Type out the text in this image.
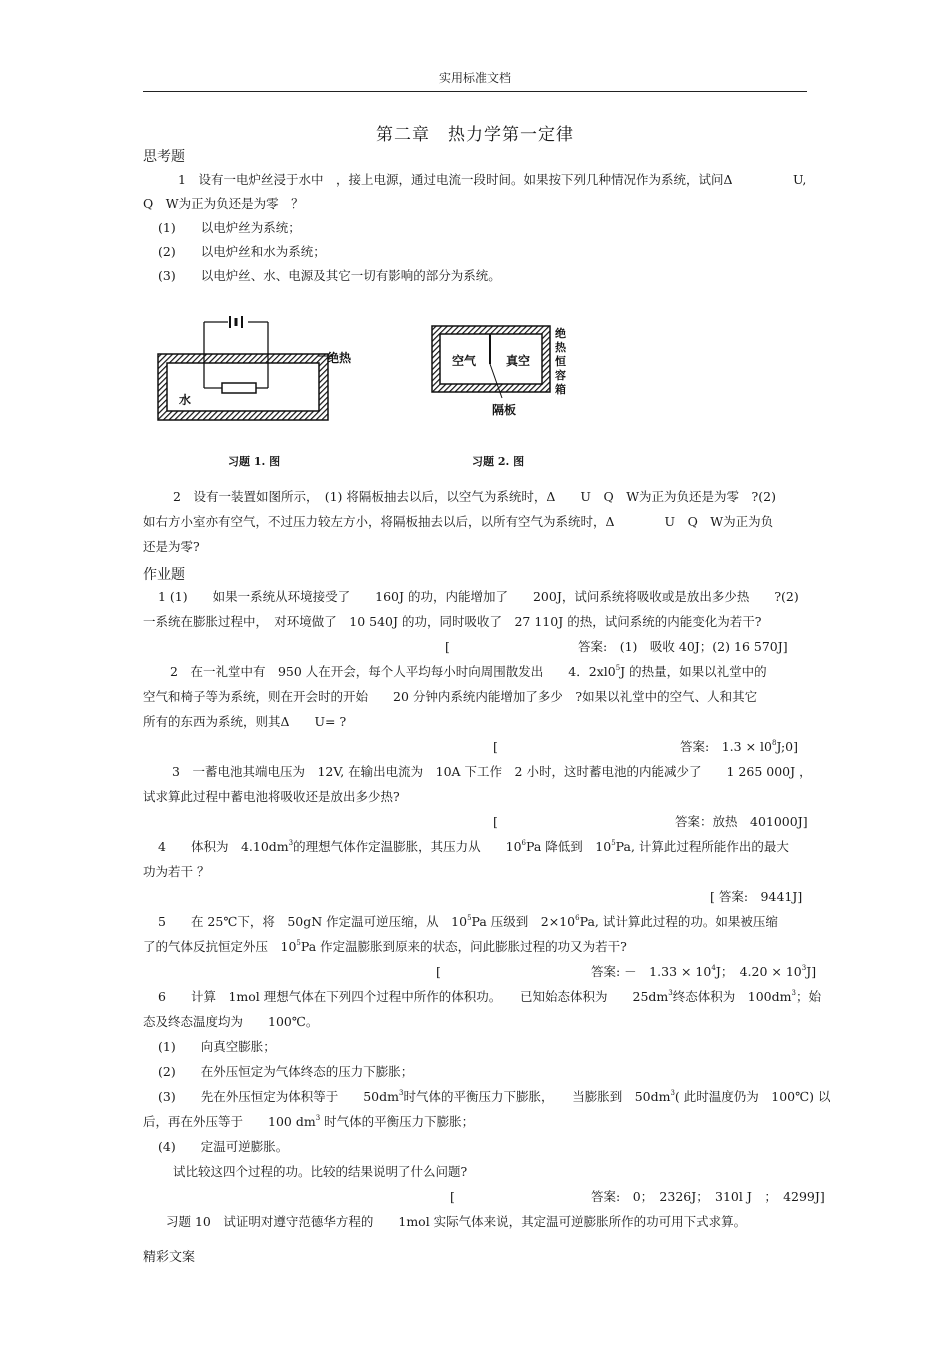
实用标准文档
第二章　热力学第一定律
思考题
1　设有一电炉丝浸于水中　，接上电源，通过电流一段时间。如果按下列几种情况作为系统，试问Δ	U,
Q　W为正为负还是为零　？
(1)　　以电炉丝为系统；
(2)　　以电炉丝和水为系统；
(3)　　以电炉丝、水、电源及其它一切有影响的部分为系统。
绝热
水
习题 1. 图
空气 真空
隔板
绝
热
恒
容
箱
习题 2. 图
2　设有一装置如图所示，　(1) 将隔板抽去以后，以空气为系统时，Δ　　U　Q　W为正为负还是为零　?(2)
如右方小室亦有空气，不过压力较左方小，将隔板抽去以后，以所有空气为系统时，Δ　　　　U　Q　W为正为负
还是为零?
作业题
1 (1)　　如果一系统从环境接受了　　160J 的功，内能增加了　　200J，试问系统将吸收或是放出多少热　　?(2)
一系统在膨胀过程中，　对环境做了　10 540J 的功，同时吸收了　27 110J 的热，试问系统的内能变化为若干?
[	答案:　(1)　吸收 40J；(2) 16 570J]
2　在一礼堂中有　950 人在开会，每个人平均每小时向周围散发出　　4．$2xl0^5J$ 的热量，如果以礼堂中的
空气和椅子等为系统，则在开会时的开始　　20 分钟内系统内能增加了多少　?如果以礼堂中的空气、人和其它
所有的东西为系统，则其Δ　　U= ?
[	答案:　$1.3 \times l0^8J;0$]
3　一蓄电池其端电压为　12V, 在输出电流为　10A 下工作　2 小时，这时蓄电池的内能减少了　　1 265 000J ，
试求算此过程中蓄电池将吸收还是放出多少热?
[	答案：放热　401000J]
4　　体积为　$4.10dm^3$的理想气体作定温膨胀，其压力从　　$10^6Pa$ 降低到　$10^5Pa$, 计算此过程所能作出的最大
功为若干 ？
[ 答案:　9441J]
5　　在 25℃下，将　50gN 作定温可逆压缩，从　$10^5Pa$ 压级到　$2\times 10^6Pa$, 试计算此过程的功。如果被压缩
了的气体反抗恒定外压　$10^5Pa$ 作定温膨胀到原来的状态，问此膨胀过程的功又为若干?
[	答案: －　$1.33 \times 10^4J$；　$4.20 \times 10^3J$]
6　　计算　1mol 理想气体在下列四个过程中所作的体积功。　　已知始态体积为　　$25dm^3$终态体积为　$100dm^3$；始
态及终态温度均为　　100℃。
(1)　　向真空膨胀；
(2)　　在外压恒定为气体终态的压力下膨胀；
(3)　　先在外压恒定为体积等于　　$50dm^3$时气体的平衡压力下膨胀，　　当膨胀到　$50dm^3$( 此时温度仍为　100℃) 以
后，再在外压等于　　100 $dm^3$ 时气体的平衡压力下膨胀；
(4)　　定温可逆膨胀。
试比较这四个过程的功。比较的结果说明了什么问题?
[	答案:　0；　2326J；　310l J　；　4299J]
习题 10　试证明对遵守范德华方程的　　1mol 实际气体来说，其定温可逆膨胀所作的功可用下式求算。
精彩文案
